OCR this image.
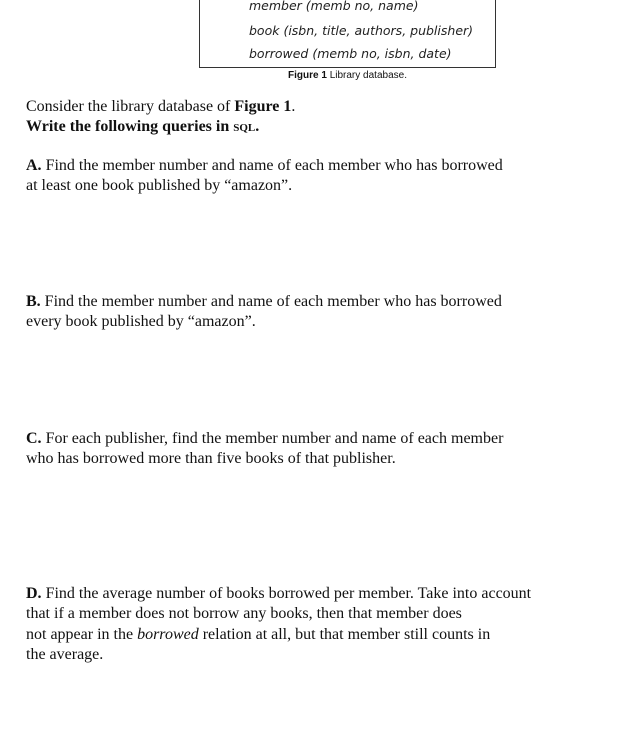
member (memb no, name)
book (isbn, title, authors, publisher)
borrowed (memb no, isbn, date)
Figure 1 Library database.
Consider the library database of Figure 1.
Write the following queries in sql.
A. Find the member number and name of each member who has borrowed
at least one book published by “amazon”.
B. Find the member number and name of each member who has borrowed
every book published by “amazon”.
C. For each publisher, find the member number and name of each member
who has borrowed more than five books of that publisher.
D. Find the average number of books borrowed per member. Take into account
that if a member does not borrow any books, then that member does
not appear in the borrowed relation at all, but that member still counts in
the average.
